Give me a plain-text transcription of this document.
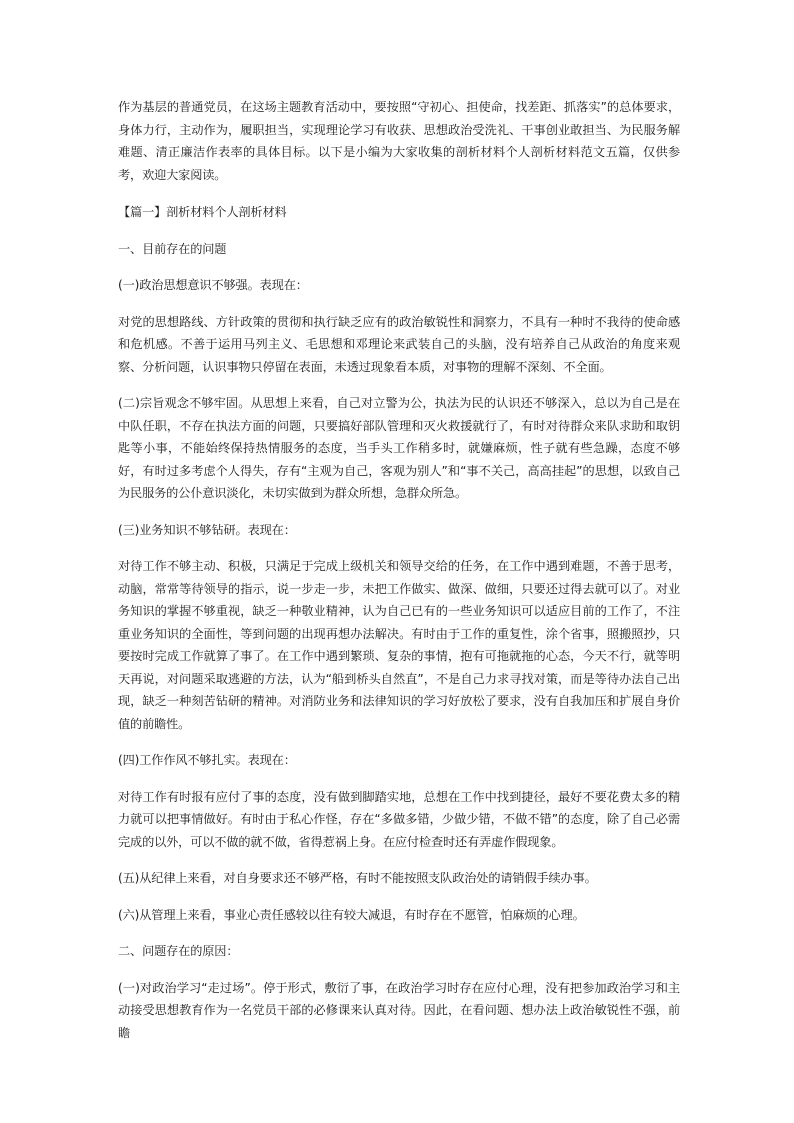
作为基层的普通党员，在这场主题教育活动中，要按照“守初心、担使命，找差距、抓落实”的总体要求，身体力行，主动作为，履职担当，实现理论学习有收获、思想政治受洗礼、干事创业敢担当、为民服务解难题、清正廉洁作表率的具体目标。以下是小编为大家收集的剖析材料个人剖析材料范文五篇，仅供参考，欢迎大家阅读。

【篇一】剖析材料个人剖析材料

一、目前存在的问题

(一)政治思想意识不够强。表现在：

对党的思想路线、方针政策的贯彻和执行缺乏应有的政治敏锐性和洞察力，不具有一种时不我待的使命感和危机感。不善于运用马列主义、毛思想和邓理论来武装自己的头脑，没有培养自己从政治的角度来观察、分析问题，认识事物只停留在表面，未透过现象看本质，对事物的理解不深刻、不全面。

(二)宗旨观念不够牢固。从思想上来看，自己对立警为公，执法为民的认识还不够深入，总以为自己是在中队任职，不存在执法方面的问题，只要搞好部队管理和灭火救援就行了，有时对待群众来队求助和取钥匙等小事，不能始终保持热情服务的态度，当手头工作稍多时，就嫌麻烦，性子就有些急躁，态度不够好，有时过多考虑个人得失，存有“主观为自己，客观为别人”和“事不关己，高高挂起”的思想，以致自己为民服务的公仆意识淡化，未切实做到为群众所想，急群众所急。

(三)业务知识不够钻研。表现在：

对待工作不够主动、积极，只满足于完成上级机关和领导交给的任务，在工作中遇到难题，不善于思考，动脑，常常等待领导的指示，说一步走一步，未把工作做实、做深、做细，只要还过得去就可以了。对业务知识的掌握不够重视，缺乏一种敬业精神，认为自己已有的一些业务知识可以适应目前的工作了，不注重业务知识的全面性，等到问题的出现再想办法解决。有时由于工作的重复性，涂个省事，照搬照抄，只要按时完成工作就算了事了。在工作中遇到繁琐、复杂的事情，抱有可拖就拖的心态，今天不行，就等明天再说，对问题采取逃避的方法，认为“船到桥头自然直”，不是自己力求寻找对策，而是等待办法自己出现，缺乏一种刻苦钻研的精神。对消防业务和法律知识的学习好放松了要求，没有自我加压和扩展自身价值的前瞻性。

(四)工作作风不够扎实。表现在：

对待工作有时报有应付了事的态度，没有做到脚踏实地，总想在工作中找到捷径，最好不要花费太多的精力就可以把事情做好。有时由于私心作怪，存在“多做多错，少做少错，不做不错”的态度，除了自己必需完成的以外，可以不做的就不做，省得惹祸上身。在应付检查时还有弄虚作假现象。

(五)从纪律上来看，对自身要求还不够严格，有时不能按照支队政治处的请销假手续办事。

(六)从管理上来看，事业心责任感较以往有较大减退，有时存在不愿管，怕麻烦的心理。

二、问题存在的原因：

(一)对政治学习“走过场”。停于形式，敷衍了事，在政治学习时存在应付心理，没有把参加政治学习和主动接受思想教育作为一名党员干部的必修课来认真对待。因此，在看问题、想办法上政治敏锐性不强，前瞻
